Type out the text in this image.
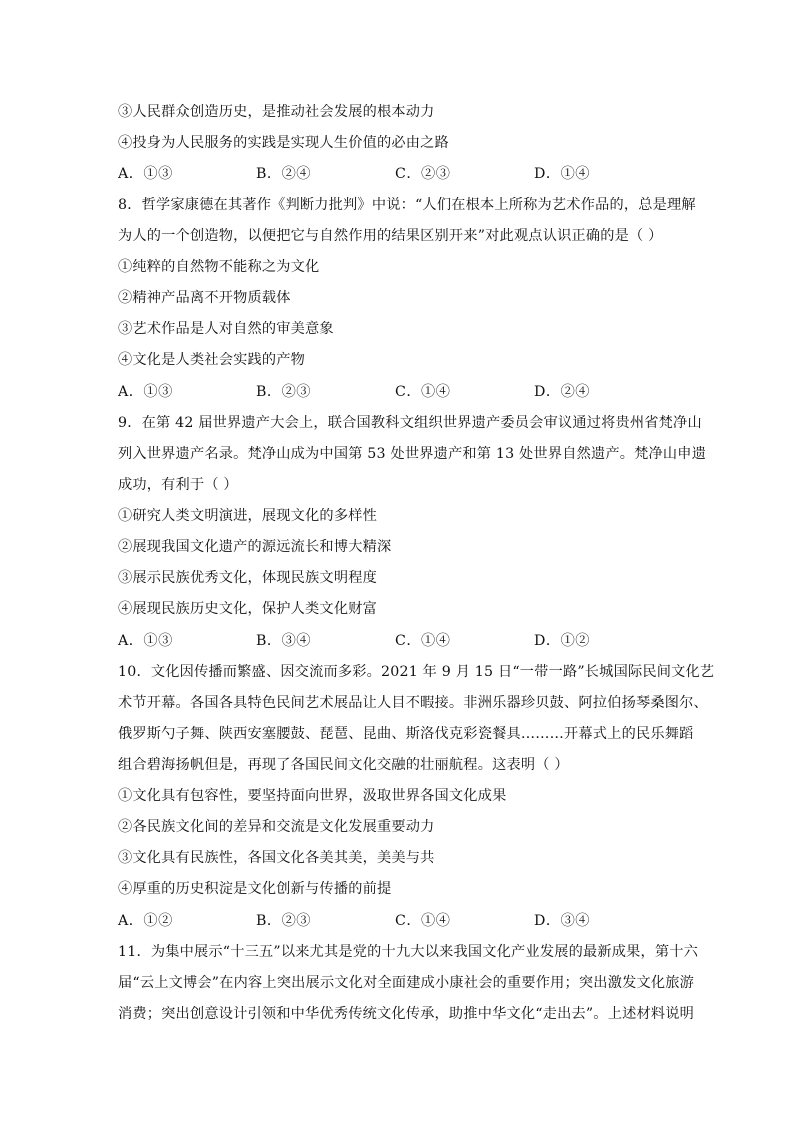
③人民群众创造历史，是推动社会发展的根本动力
④投身为人民服务的实践是实现人生价值的必由之路
A．①③	B．②④	C．②③	D．①④
8．哲学家康德在其著作《判断力批判》中说：“人们在根本上所称为艺术作品的，总是理解
为人的一个创造物，以便把它与自然作用的结果区别开来”对此观点认识正确的是（ ）
①纯粹的自然物不能称之为文化
②精神产品离不开物质载体
③艺术作品是人对自然的审美意象
④文化是人类社会实践的产物
A．①③	B．②③	C．①④	D．②④
9．在第 42 届世界遗产大会上，联合国教科文组织世界遗产委员会审议通过将贵州省梵净山
列入世界遗产名录。梵净山成为中国第 53 处世界遗产和第 13 处世界自然遗产。梵净山申遗
成功，有利于（ ）
①研究人类文明演进，展现文化的多样性
②展现我国文化遗产的源远流长和博大精深
③展示民族优秀文化，体现民族文明程度
④展现民族历史文化，保护人类文化财富
A．①③	B．③④	C．①④	D．①②
10．文化因传播而繁盛、因交流而多彩。2021 年 9 月 15 日“一带一路”长城国际民间文化艺
术节开幕。各国各具特色民间艺术展品让人目不暇接。非洲乐器珍贝鼓、阿拉伯扬琴桑图尔、
俄罗斯勺子舞、陕西安塞腰鼓、琵琶、昆曲、斯洛伐克彩瓷餐具………开幕式上的民乐舞蹈
组合碧海扬帆但是，再现了各国民间文化交融的壮丽航程。这表明（ ）
①文化具有包容性，要坚持面向世界，汲取世界各国文化成果
②各民族文化间的差异和交流是文化发展重要动力
③文化具有民族性，各国文化各美其美，美美与共
④厚重的历史积淀是文化创新与传播的前提
A．①②	B．②③	C．①④	D．③④
11．为集中展示“十三五”以来尤其是党的十九大以来我国文化产业发展的最新成果，第十六
届“云上文博会”在内容上突出展示文化对全面建成小康社会的重要作用；突出激发文化旅游
消费；突出创意设计引领和中华优秀传统文化传承，助推中华文化“走出去”。上述材料说明
